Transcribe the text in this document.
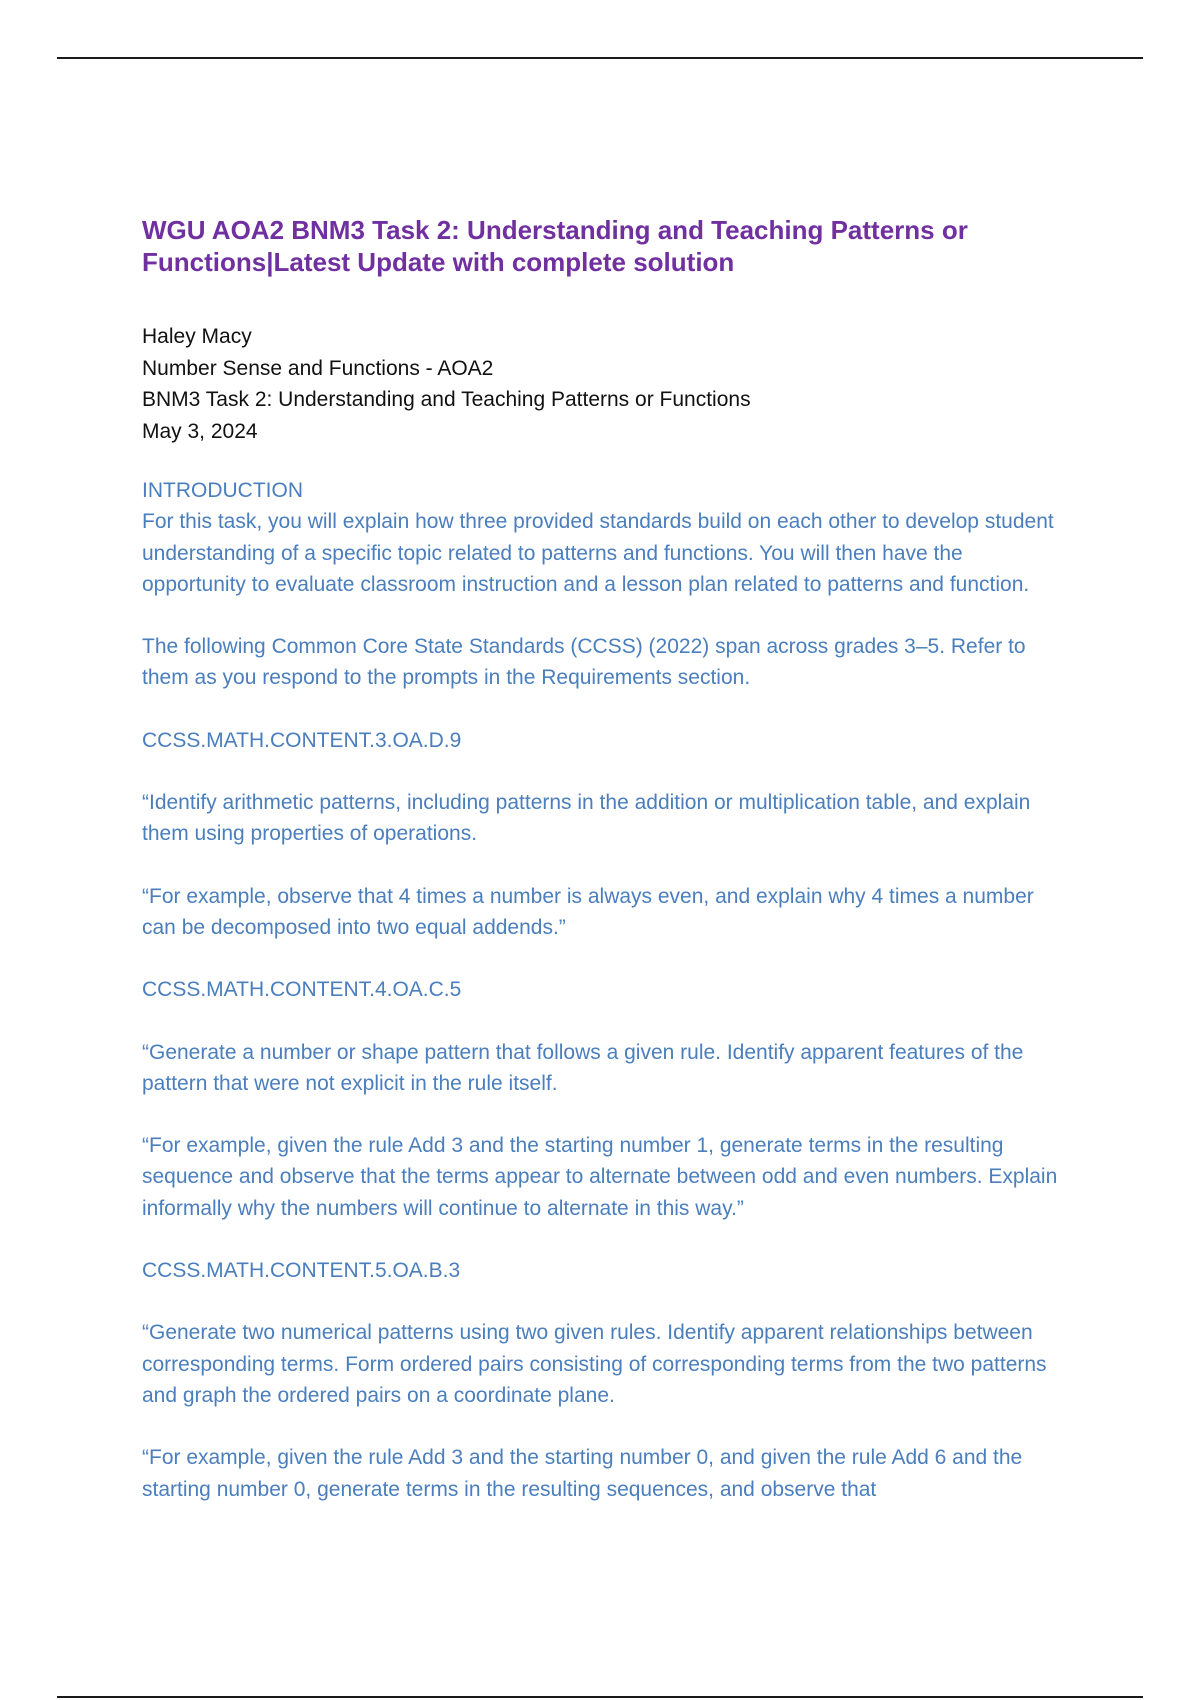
WGU AOA2 BNM3 Task 2: Understanding and Teaching Patterns or Functions|Latest Update with complete solution

Haley Macy

Number Sense and Functions - AOA2

BNM3 Task 2: Understanding and Teaching Patterns or Functions

May 3, 2024

INTRODUCTION

For this task, you will explain how three provided standards build on each other to develop student understanding of a specific topic related to patterns and functions. You will then have the opportunity to evaluate classroom instruction and a lesson plan related to patterns and function.

The following Common Core State Standards (CCSS) (2022) span across grades 3–5. Refer to them as you respond to the prompts in the Requirements section.

CCSS.MATH.CONTENT.3.OA.D.9

“Identify arithmetic patterns, including patterns in the addition or multiplication table, and explain them using properties of operations.

“For example, observe that 4 times a number is always even, and explain why 4 times a number can be decomposed into two equal addends.”

CCSS.MATH.CONTENT.4.OA.C.5

“Generate a number or shape pattern that follows a given rule. Identify apparent features of the pattern that were not explicit in the rule itself.

“For example, given the rule Add 3 and the starting number 1, generate terms in the resulting sequence and observe that the terms appear to alternate between odd and even numbers. Explain informally why the numbers will continue to alternate in this way.”

CCSS.MATH.CONTENT.5.OA.B.3

“Generate two numerical patterns using two given rules. Identify apparent relationships between corresponding terms. Form ordered pairs consisting of corresponding terms from the two patterns and graph the ordered pairs on a coordinate plane.

“For example, given the rule Add 3 and the starting number 0, and given the rule Add 6 and the starting number 0, generate terms in the resulting sequences, and observe that
